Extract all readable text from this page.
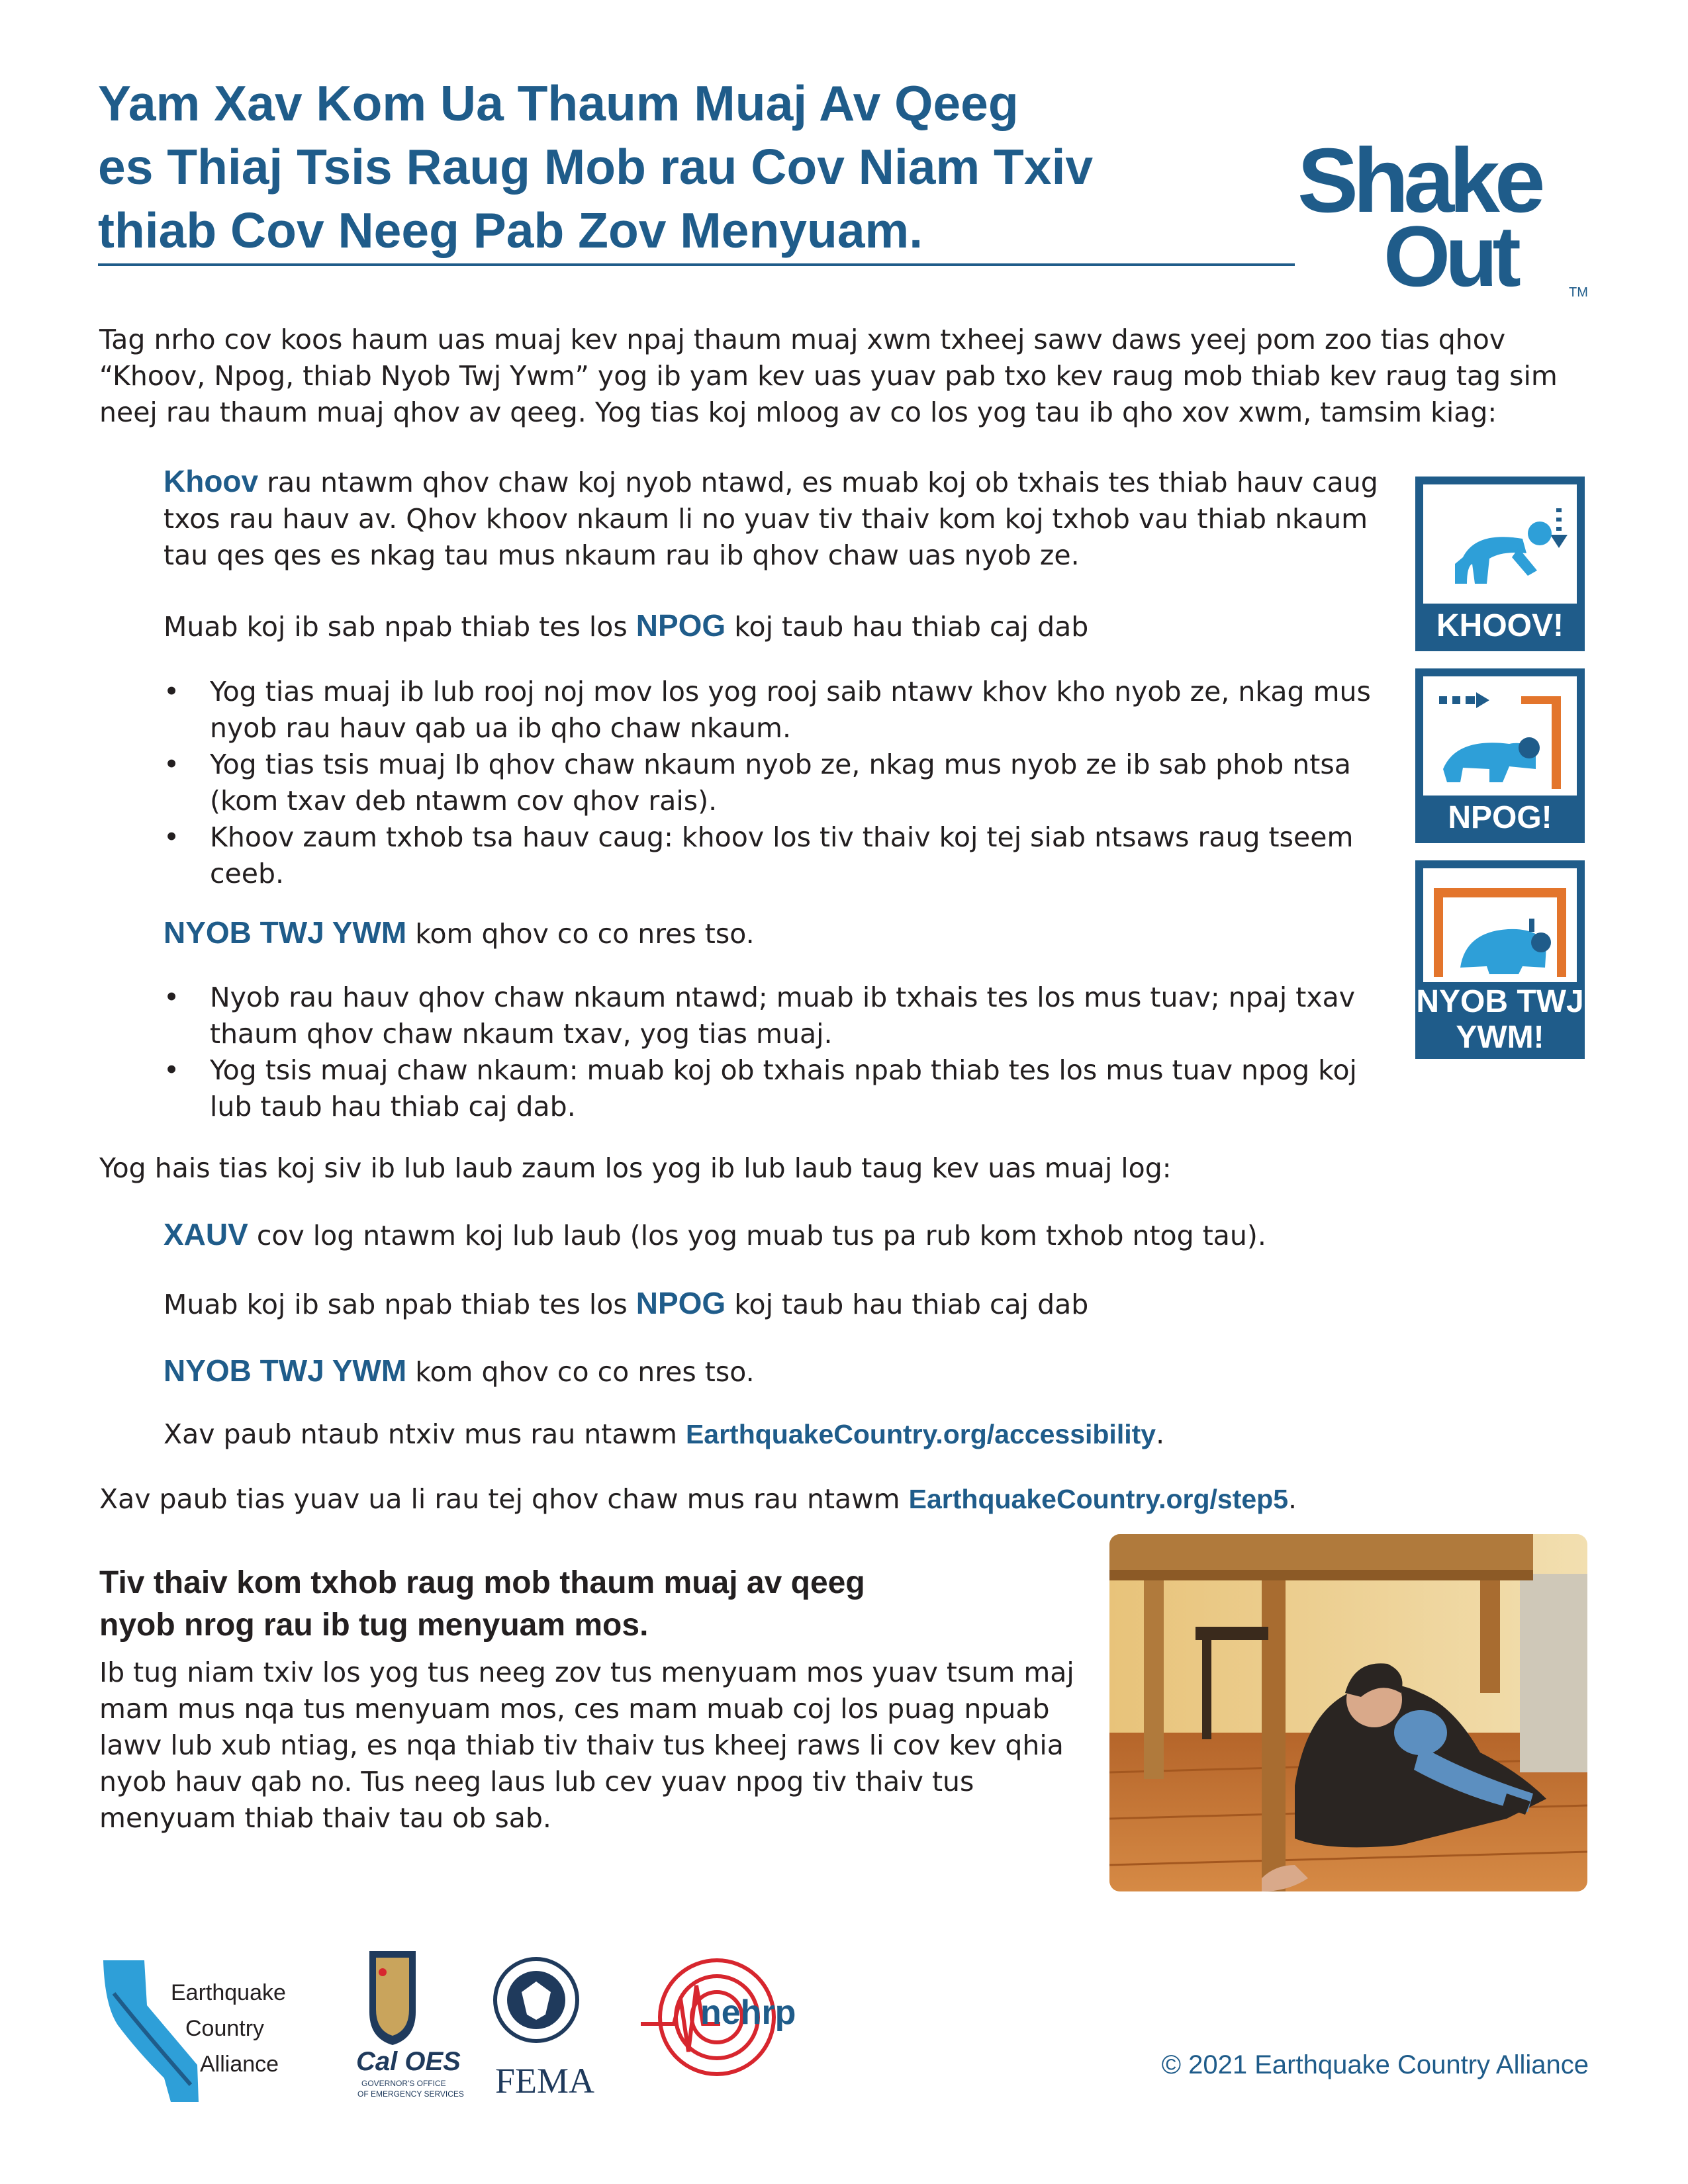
Yam Xav Kom Ua Thaum Muaj Av Qeeg
es Thiaj Tsis Raug Mob rau Cov Niam Txiv
thiab Cov Neeg Pab Zov Menyuam.	Shake
Out	TM

Tag nrho cov koos haum uas muaj kev npaj thaum muaj xwm txheej sawv daws yeej pom zoo tias qhov “Khoov, Npog, thiab Nyob Twj Ywm” yog ib yam kev uas yuav pab txo kev raug mob thiab kev raug tag sim neej rau thaum muaj qhov av qeeg. Yog tias koj mloog av co los yog tau ib qho xov xwm, tamsim kiag:

Khoov rau ntawm qhov chaw koj nyob ntawd, es muab koj ob txhais tes thiab hauv caug txos rau hauv av. Qhov khoov nkaum li no yuav tiv thaiv kom koj txhob vau thiab nkaum tau qes qes es nkag tau mus nkaum rau ib qhov chaw uas nyob ze.

Muab koj ib sab npab thiab tes los NPOG koj taub hau thiab caj dab

• Yog tias muaj ib lub rooj noj mov los yog rooj saib ntawv khov kho nyob ze, nkag mus nyob rau hauv qab ua ib qho chaw nkaum.
• Yog tias tsis muaj Ib qhov chaw nkaum nyob ze, nkag mus nyob ze ib sab phob ntsa (kom txav deb ntawm cov qhov rais).
• Khoov zaum txhob tsa hauv caug: khoov los tiv thaiv koj tej siab ntsaws raug tseem ceeb.

NYOB TWJ YWM kom qhov co co nres tso.

• Nyob rau hauv qhov chaw nkaum ntawd; muab ib txhais tes los mus tuav; npaj txav thaum qhov chaw nkaum txav, yog tias muaj.
• Yog tsis muaj chaw nkaum: muab koj ob txhais npab thiab tes los mus tuav npog koj lub taub hau thiab caj dab.

Yog hais tias koj siv ib lub laub zaum los yog ib lub laub taug kev uas muaj log:

XAUV cov log ntawm koj lub laub (los yog muab tus pa rub kom txhob ntog tau).

Muab koj ib sab npab thiab tes los NPOG koj taub hau thiab caj dab

NYOB TWJ YWM kom qhov co co nres tso.

Xav paub ntaub ntxiv mus rau ntawm EarthquakeCountry.org/accessibility.

Xav paub tias yuav ua li rau tej qhov chaw mus rau ntawm EarthquakeCountry.org/step5.

KHOOV!
NPOG!
NYOB TWJ
YWM!
Tiv thaiv kom txhob raug mob thaum muaj av qeeg
nyob nrog rau ib tug menyuam mos.

Ib tug niam txiv los yog tus neeg zov tus menyuam mos yuav tsum maj mam mus nqa tus menyuam mos, ces mam muab coj los puag npuab lawv lub xub ntiag, es nqa thiab tiv thaiv tus kheej raws li cov kev qhia nyob hauv qab no. Tus neeg laus lub cev yuav npog tiv thaiv tus menyuam thiab thaiv tau ob sab.

Earthquake
Country
Alliance	Cal OES
GOVERNOR'S OFFICE
OF EMERGENCY SERVICES FEMA
nehrp
© 2021 Earthquake Country Alliance
